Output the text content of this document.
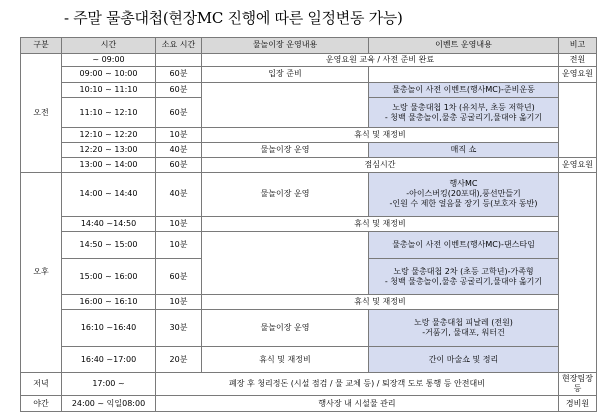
- 주말 물총대첩(현장MC 진행에 따른 일정변동 가능)
구분	시간	소요 시간	물놀이장 운영내용	이벤트 운영내용	비고
오전	~ 09:00		운영요원 교육 / 사전 준비 완료		전원
	09:00 ~ 10:00	60분	입장 준비		운영요원
	10:10 ~ 11:10	60분		물총놀이 사전 이벤트(행사MC)-준비운동	
	11:10 ~ 12:10	60분		노랑 물총대첩 1차 (유치부, 초등 저학년)
- 청백 물총놀이,물총 공굴리기,물대야 옮기기	

	12:10 ~ 12:20	10분	휴식 및 재정비		
	12:20 ~ 13:00	40분	물놀이장 운영	매직 쇼	
	13:00 ~ 14:00	60분	점심시간		운영요원
오후	14:00 ~ 14:40	40분	물놀이장 운영	행사MC
-아이스버킹(20포대),풍선만들기
-인원 수 제한 얼음물 장기 등(보호자 동반)	

	14:40 ~14:50	10분	휴식 및 재정비		
	14:50 ~ 15:00	10분		물총놀이 사전 이벤트(행사MC)-댄스타임	
	15:00 ~ 16:00	60분		노랑 물총대첩 2차 (초등 고학년)-가족형
- 청백 물총놀이,물총 공굴리기,물대야 옮기기	

	16:00 ~ 16:10	10분	휴식 및 재정비		
	16:10 ~16:40	30분	물놀이장 운영	노랑 물총대첩 피날레 (전원)
-거품기, 물대포, 워터건	

	16:40 ~17:00	20분	휴식 및 재정비	간이 마술쇼 및 정리	
저녁	17:00 ~	폐장 후 청리정돈 (시설 점검 / 물 교체 등) / 퇴장객 도로 통행 등 안전대비			현장팀장 등
야간	24:00 ~ 익일08:00	행사장 내 시설물 관리			경비원
